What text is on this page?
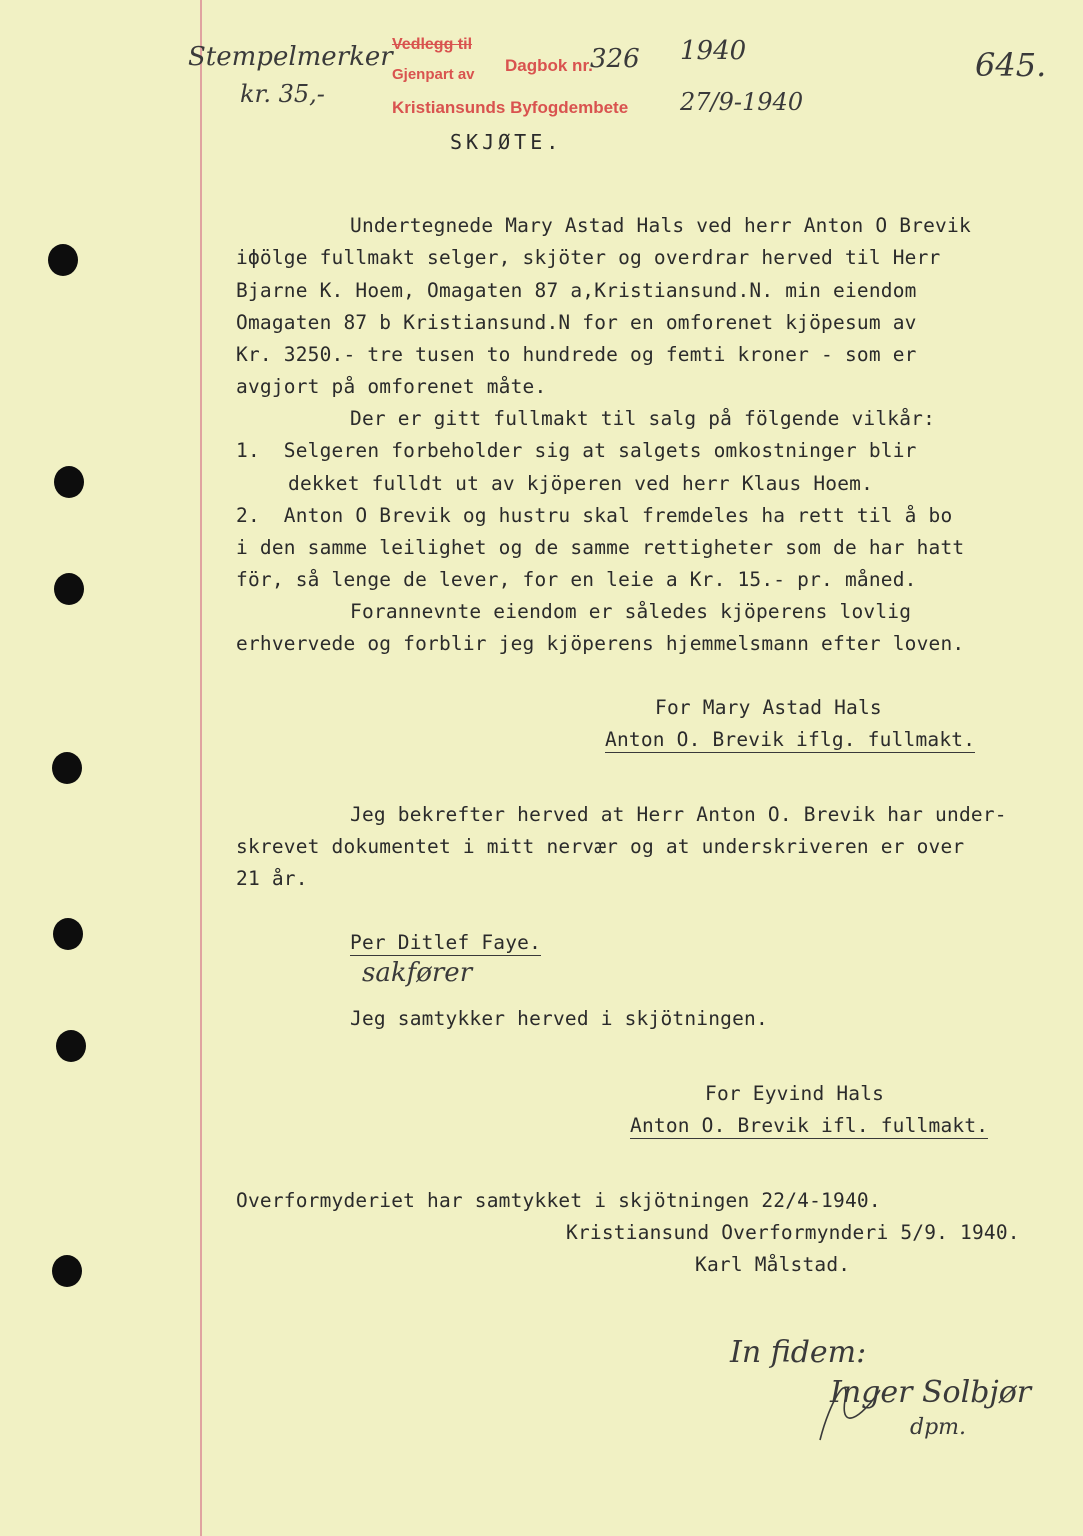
Stempelmerker
kr. 35,-
326 1940
27/9-1940
645.
Vedlegg til
Dagbok nr.
Gjenpart av
Kristiansunds Byfogdembete
SKJØTE.
Undertegnede Mary Astad Hals ved herr Anton O Brevik
iфölge fullmakt selger, skjöter og overdrar herved til Herr
Bjarne K. Hoem, Omagaten 87 a,Kristiansund.N. min eiendom
Omagaten 87 b Kristiansund.N for en omforenet kjöpesum av
Kr. 3250.- tre tusen to hundrede og femti kroner - som er
avgjort på omforenet måte.
Der er gitt fullmakt til salg på fölgende vilkår:
1.  Selgeren forbeholder sig at salgets omkostninger blir
dekket fulldt ut av kjöperen ved herr Klaus Hoem.
2.  Anton O Brevik og hustru skal fremdeles ha rett til å bo
i den samme leilighet og de samme rettigheter som de har hatt
för, så lenge de lever, for en leie a Kr. 15.- pr. måned.
Forannevnte eiendom er således kjöperens lovlig
erhvervede og forblir jeg kjöperens hjemmelsmann efter loven.
For Mary Astad Hals
Anton O. Brevik iflg. fullmakt.
Jeg bekrefter herved at Herr Anton O. Brevik har under-
skrevet dokumentet i mitt nervær og at underskriveren er over
21 år.
Per Ditlef Faye.
sakfører
Jeg samtykker herved i skjötningen.
For Eyvind Hals
Anton O. Brevik ifl. fullmakt.
Overformyderiet har samtykket i skjötningen 22/4-1940.
Kristiansund Overformynderi 5/9. 1940.
Karl Målstad.
In fidem:
Inger Solbjør
dpm.
